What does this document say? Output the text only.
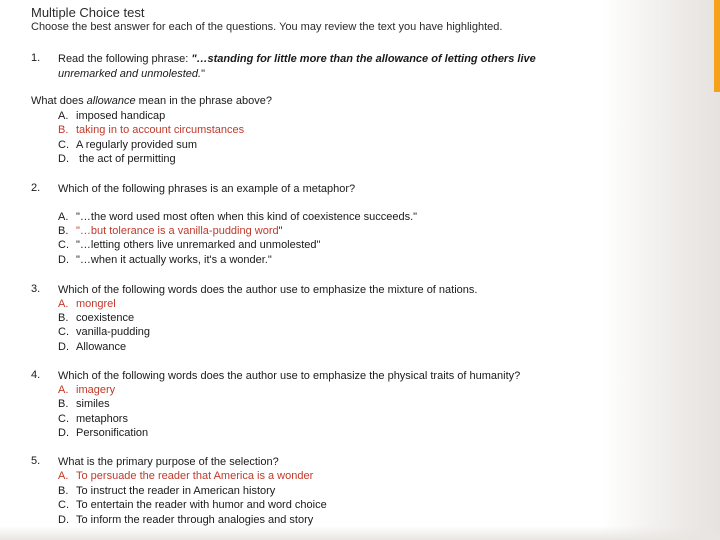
Multiple Choice test
Choose the best answer for each of the questions. You may review the text you have highlighted.
1. Read the following phrase: "…standing for little more than the allowance of letting others live
unremarked and unmolested."
What does allowance mean in the phrase above?
A. imposed handicap
B. taking in to account circumstances
C. A regularly provided sum
D. the act of permitting
2. Which of the following phrases is an example of a metaphor?
A. "…the word used most often when this kind of coexistence succeeds."
B. "…but tolerance is a vanilla-pudding word"
C. "…letting others live unremarked and unmolested"
D. "…when it actually works, it's a wonder."
3. Which of the following words does the author use to emphasize the mixture of nations.
A. mongrel
B. coexistence
C. vanilla-pudding
D. Allowance
4. Which of the following words does the author use to emphasize the physical traits of humanity?
A. imagery
B. similes
C. metaphors
D. Personification
5. What is the primary purpose of the selection?
A. To persuade the reader that America is a wonder
B. To instruct the reader in American history
C. To entertain the reader with humor and word choice
D. To inform the reader through analogies and story
